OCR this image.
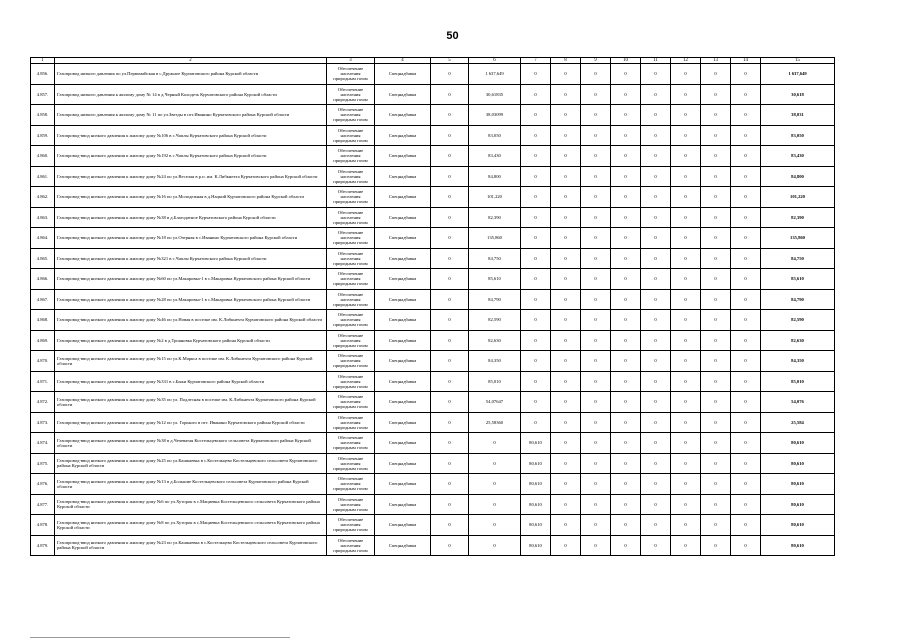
50
1	2	3	4	5	6	7	8	9	10	11	12	13	14	15
4.856.	Газопровод низкого давления по ул.Первомайская в с.Дружное Курчатовского района Курской области	Обеспечение населения природным газом	Спецнадбавка	0	1 637,649	0	0	0	0	0	0	0	0	1 637,649
4.857.	Газопровод низкого давления к жилому дому № 14 в д.Черный Колодезь Курчатовского района Курской области	Обеспечение населения природным газом	Спецнадбавка	0	30,61835	0	0	0	0	0	0	0	0	30,618
4.858.	Газопровод низкого давления к жилому дому № 11 по ул.Звезды в пгт.Иванино Курчатовского района Курской области	Обеспечение населения природным газом	Спецнадбавка	0	38,03099	0	0	0	0	0	0	0	0	38,031
4.859.	Газопровод-ввод низкого давления к жилому дому №106 в с.Чаплы Курчатовского района Курской области	Обеспечение населения природным газом	Спецнадбавка	0	83,050	0	0	0	0	0	0	0	0	83,050
4.860.	Газопровод-ввод низкого давления к жилому дому №192 в с.Чаплы Курчатовского района Курской области	Обеспечение населения природным газом	Спецнадбавка	0	83,430	0	0	0	0	0	0	0	0	83,430
4.861.	Газопровод-ввод низкого давления к жилому дому №24 по ул.Веселая в р.п. им. К.Либкнехта Курчатовского района Курской области	Обеспечение населения природным газом	Спецнадбавка	0	84,800	0	0	0	0	0	0	0	0	84,800
4.862.	Газопровод-ввод низкого давления к жилому дому №16 по ул.Молодежная в д.Нацкий Курчатовского района Курской области	Обеспечение населения природным газом	Спецнадбавка	0	101,220	0	0	0	0	0	0	0	0	101,220
4.863.	Газопровод-ввод низкого давления к жилому дому №38 в д.Благодатное Курчатовского района Курской области	Обеспечение населения природным газом	Спецнадбавка	0	82,390	0	0	0	0	0	0	0	0	82,390
4.864.	Газопровод-ввод низкого давления к жилому дому №18 по ул.Озерная в с.Иванино Курчатовского района Курской области	Обеспечение населения природным газом	Спецнадбавка	0	135,860	0	0	0	0	0	0	0	0	135,860
4.865.	Газопровод-ввод низкого давления к жилому дому №321 в с.Чаплы Курчатовского района Курской области	Обеспечение населения природным газом	Спецнадбавка	0	84,750	0	0	0	0	0	0	0	0	84,750
4.866.	Газопровод-ввод низкого давления к жилому дому №60 по ул.Макаровка-1 в с.Макаровка Курчатовского района Курской области	Обеспечение населения природным газом	Спецнадбавка	0	85,610	0	0	0	0	0	0	0	0	85,610
4.867.	Газопровод-ввод низкого давления к жилому дому №28 по ул.Макаровка-1 в с.Макаровка Курчатовского района Курской области	Обеспечение населения природным газом	Спецнадбавка	0	84,790	0	0	0	0	0	0	0	0	84,790
4.868.	Газопровод-ввод низкого давления к жилому дому №46 по ул.Новая в поселке им. К.Либкнехта Курчатовского района Курской области	Обеспечение населения природным газом	Спецнадбавка	0	82,590	0	0	0	0	0	0	0	0	82,590
4.869.	Газопровод-ввод низкого давления к жилому дому №2 в д.Трояновка Курчатовского района Курской области	Обеспечение населения природным газом	Спецнадбавка	0	82,630	0	0	0	0	0	0	0	0	82,630
4.870.	Газопровод-ввод низкого давления к жилому дому №15 по ул.К.Маркса в поселке им. К.Либкнехта Курчатовского района Курской области	Обеспечение населения природным газом	Спецнадбавка	0	84,350	0	0	0	0	0	0	0	0	84,350
4.871.	Газопровод-ввод низкого давления к жилому дому №331 в с.Быки Курчатовского района Курской области	Обеспечение населения природным газом	Спецнадбавка	0	85,010	0	0	0	0	0	0	0	0	85,010
4.872.	Газопровод-ввод низкого давления к жилому дому №35 по ул. Подлесная в поселке им. К.Либкнехта Курчатовского района Курской области	Обеспечение населения природным газом	Спецнадбавка	0	54,07647	0	0	0	0	0	0	0	0	54,076
4.873.	Газопровод-ввод низкого давления к жилому дому №12 по ул. Горького в пгт. Иванино Курчатовского района Курской области	Обеспечение населения природным газом	Спецнадбавка	0	25,58360	0	0	0	0	0	0	0	0	25,584
4.874.	Газопровод-ввод низкого давления к жилому дому №38 в д.Чечеватая Костельцевского сельсовета Курчатовского района Курской области	Обеспечение населения природным газом	Спецнадбавка	0	0	80,610	0	0	0	0	0	0	0	80,610
4.875.	Газопровод-ввод низкого давления к жилому дому №25 по ул.Кашкаевка в с.Костельцево Костельцевского сельсовета Курчатовского района Курской области	Обеспечение населения природным газом	Спецнадбавка	0	0	80,610	0	0	0	0	0	0	0	80,610
4.876.	Газопровод-ввод низкого давления к жилому дому №13 в д.Большие Костельцевского сельсовета Курчатовского района Курской области	Обеспечение населения природным газом	Спецнадбавка	0	0	80,610	0	0	0	0	0	0	0	80,610
4.877.	Газопровод-ввод низкого давления к жилому дому №6 по ул.Хуторок в с.Мациевка Костельцевского сельсовета Курчатовского района Курской области	Обеспечение населения природным газом	Спецнадбавка	0	0	80,610	0	0	0	0	0	0	0	80,610
4.878.	Газопровод-ввод низкого давления к жилому дому №8 по ул.Хуторок в с.Мациевка Костельцевского сельсовета Курчатовского района Курской области	Обеспечение населения природным газом	Спецнадбавка	0	0	80,610	0	0	0	0	0	0	0	80,610
4.879.	Газопровод-ввод низкого давления к жилому дому №23 по ул.Кашкаевка в с.Костельцево Костельцевского сельсовета Курчатовского района Курской области	Обеспечение населения природным газом	Спецнадбавка	0	0	80,610	0	0	0	0	0	0	0	80,610
